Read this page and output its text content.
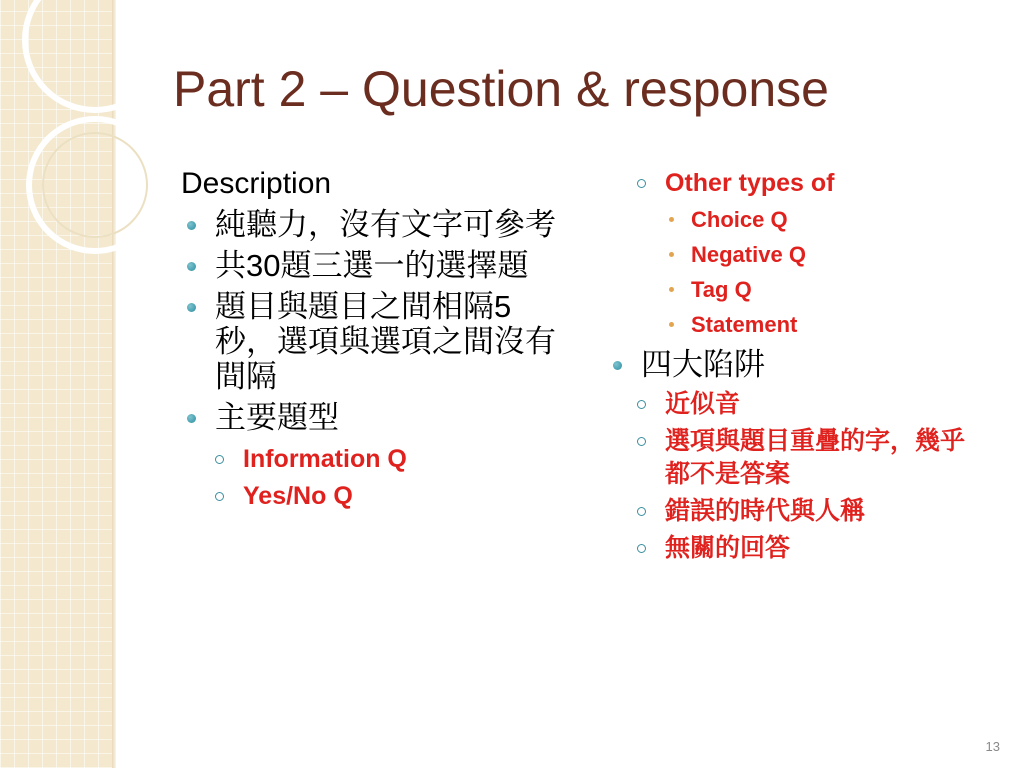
Part 2 – Question & response
Description
純聽力，沒有文字可參考
共30題三選一的選擇題
題目與題目之間相隔5秒，選項與選項之間沒有間隔
主要題型
Information Q
Yes/No Q
Other types of
Choice Q
Negative Q
Tag Q
Statement
四大陷阱
近似音
選項與題目重疊的字，幾乎都不是答案
錯誤的時代與人稱
無關的回答
13
